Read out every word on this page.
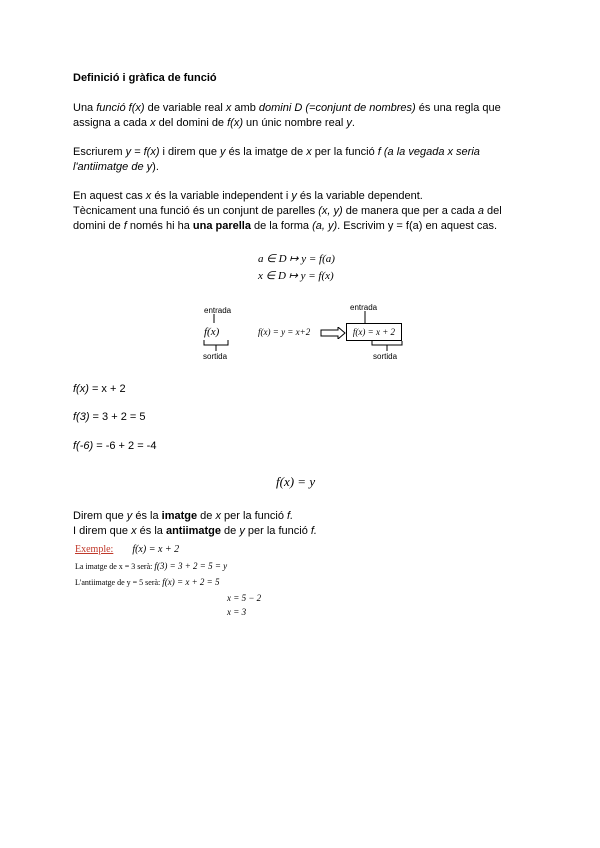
Definició i gràfica de funció
Una funció f(x) de variable real x amb domini D (=conjunt de nombres) és una regla que
assigna a cada x del domini de f(x) un únic nombre real y.
Escriurem y = f(x) i direm que y és la imatge de x per la funció f (a la vegada x seria
l'antiimatge de y).
En aquest cas x és la variable independent i y és la variable dependent.
Tècnicament una funció és un conjunt de parelles (x, y) de manera que per a cada a del
domini de f només hi ha una parella de la forma (a, y). Escrivim y = f(a) en aquest cas.
a ∈ D ↦ y = f(a)
x ∈ D ↦ y = f(x)
entrada
f(x)
sortida
f(x) = y = x+2
entrada
f(x) = x + 2
sortida
f(x) = x + 2
f(3) = 3 + 2 = 5
f(-6) = -6 + 2 = -4
f(x) = y
Direm que y és la imatge de x per la funció f.
I direm que x és la antiimatge de y per la funció f.
Exemple: f(x) = x + 2
La imatge de x = 3 serà: f(3) = 3 + 2 = 5 = y
L'antiimatge de y = 5 serà: f(x) = x + 2 = 5
x = 5 − 2
x = 3
